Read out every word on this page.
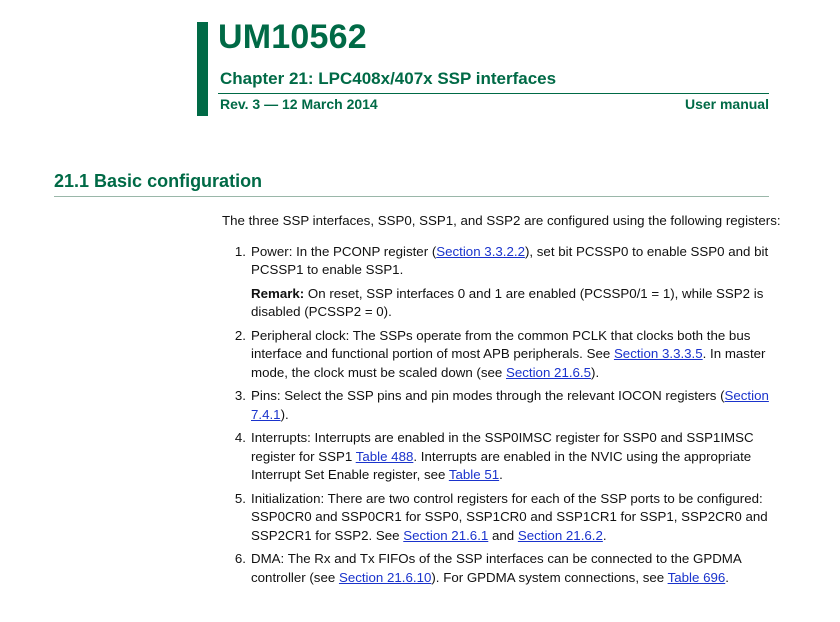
UM10562
Chapter 21: LPC408x/407x SSP interfaces
Rev. 3 — 12 March 2014	User manual
21.1 Basic configuration

The three SSP interfaces, SSP0, SSP1, and SSP2 are configured using the following registers:

1. Power: In the PCONP register (Section 3.3.2.2), set bit PCSSP0 to enable SSP0 and bit PCSSP1 to enable SSP1.
Remark: On reset, SSP interfaces 0 and 1 are enabled (PCSSP0/1 = 1), while SSP2 is disabled (PCSSP2 = 0).
2. Peripheral clock: The SSPs operate from the common PCLK that clocks both the bus interface and functional portion of most APB peripherals. See Section 3.3.3.5. In master mode, the clock must be scaled down (see Section 21.6.5).
3. Pins: Select the SSP pins and pin modes through the relevant IOCON registers (Section 7.4.1).
4. Interrupts: Interrupts are enabled in the SSP0IMSC register for SSP0 and SSP1IMSC register for SSP1 Table 488. Interrupts are enabled in the NVIC using the appropriate Interrupt Set Enable register, see Table 51.
5. Initialization: There are two control registers for each of the SSP ports to be configured: SSP0CR0 and SSP0CR1 for SSP0, SSP1CR0 and SSP1CR1 for SSP1, SSP2CR0 and SSP2CR1 for SSP2. See Section 21.6.1 and Section 21.6.2.
6. DMA: The Rx and Tx FIFOs of the SSP interfaces can be connected to the GPDMA controller (see Section 21.6.10). For GPDMA system connections, see Table 696.
